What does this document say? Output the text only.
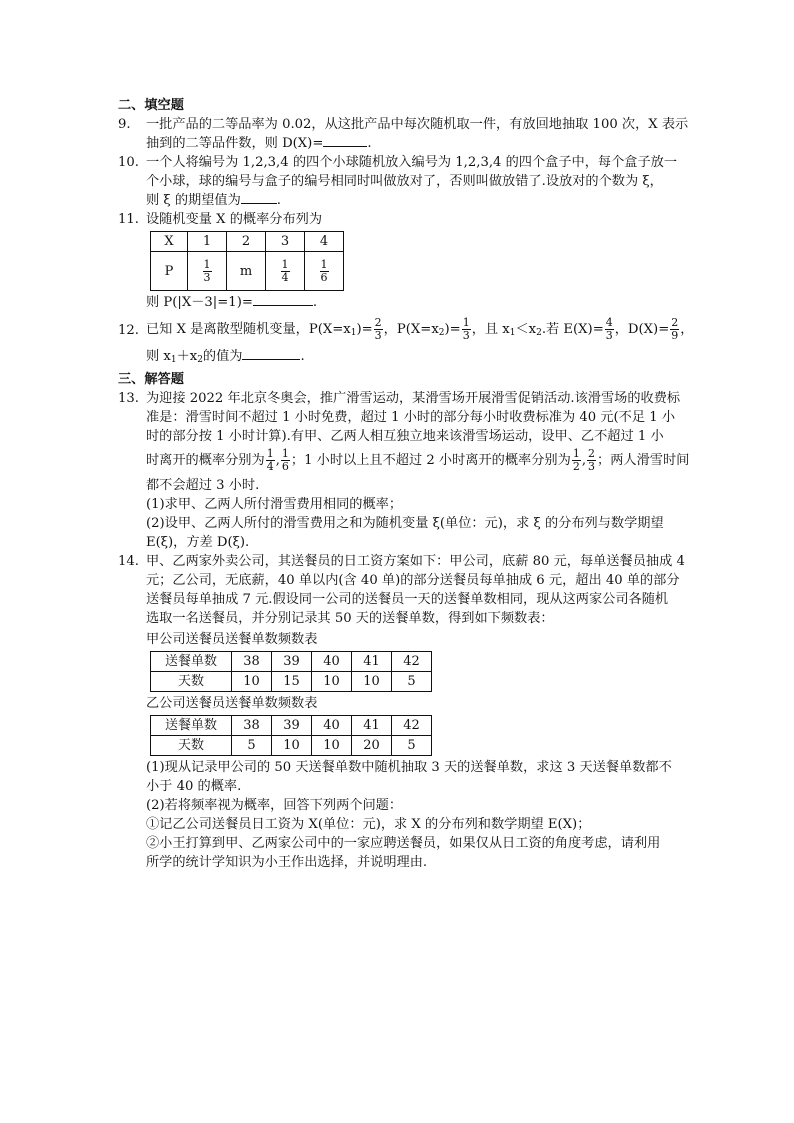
二、填空题

9. 一批产品的二等品率为 0.02，从这批产品中每次随机取一件，有放回地抽取 100 次，X 表示
抽到的二等品件数，则 D(X)=	.
10. 一个人将编号为 1,2,3,4 的四个小球随机放入编号为 1,2,3,4 的四个盒子中，每个盒子放一
个小球，球的编号与盒子的编号相同时叫做放对了，否则叫做放错了.设放对的个数为 ξ，
则 ξ 的期望值为	.
11. 设随机变量 X 的概率分布列为
X	1	2	3	4
P	$\frac{1}{3}$	m	$\frac{1}{4}$	$\frac{1}{6}$
则 P(|X－3|=1)=	.
12. 已知 X 是离散型随机变量，$P(X=x_1)= \frac{2}{3}$ ，$P(X=x_2)= \frac{1}{3}$ ，且 $x_1<x_2$.若 $E(X)= \frac{4}{3}$ ，$D(X)= \frac{2}{9}$ ，
则 $x_1+x_2$的值为	.

三、解答题

13. 为迎接 2022 年北京冬奥会，推广滑雪运动，某滑雪场开展滑雪促销活动.该滑雪场的收费标
准是：滑雪时间不超过 1 小时免费，超过 1 小时的部分每小时收费标准为 40 元(不足 1 小
时的部分按 1 小时计算).有甲、乙两人相互独立地来该滑雪场运动，设甲、乙不超过 1 小
时离开的概率分别为 $\frac{1}{4}$ , $\frac{1}{6}$ ；1 小时以上且不超过 2 小时离开的概率分别为 $\frac{1}{2}$ , $\frac{2}{3}$ ；两人滑雪时间
都不会超过 3 小时.
(1)求甲、乙两人所付滑雪费用相同的概率；
(2)设甲、乙两人所付的滑雪费用之和为随机变量 ξ(单位：元)，求 ξ 的分布列与数学期望
E(ξ)，方差 D(ξ).
14. 甲、乙两家外卖公司，其送餐员的日工资方案如下：甲公司，底薪 80 元，每单送餐员抽成 4
元；乙公司，无底薪，40 单以内(含 40 单)的部分送餐员每单抽成 6 元，超出 40 单的部分
送餐员每单抽成 7 元.假设同一公司的送餐员一天的送餐单数相同，现从这两家公司各随机
选取一名送餐员，并分别记录其 50 天的送餐单数，得到如下频数表：
甲公司送餐员送餐单数频数表
送餐单数	38	39	40	41	42
天数	10	15	10	10	5
乙公司送餐员送餐单数频数表
送餐单数	38	39	40	41	42
天数	5	10	10	20	5
(1)现从记录甲公司的 50 天送餐单数中随机抽取 3 天的送餐单数，求这 3 天送餐单数都不
小于 40 的概率.
(2)若将频率视为概率，回答下列两个问题：
①记乙公司送餐员日工资为 X(单位：元)，求 X 的分布列和数学期望 E(X)；
②小王打算到甲、乙两家公司中的一家应聘送餐员，如果仅从日工资的角度考虑，请利用
所学的统计学知识为小王作出选择，并说明理由.
